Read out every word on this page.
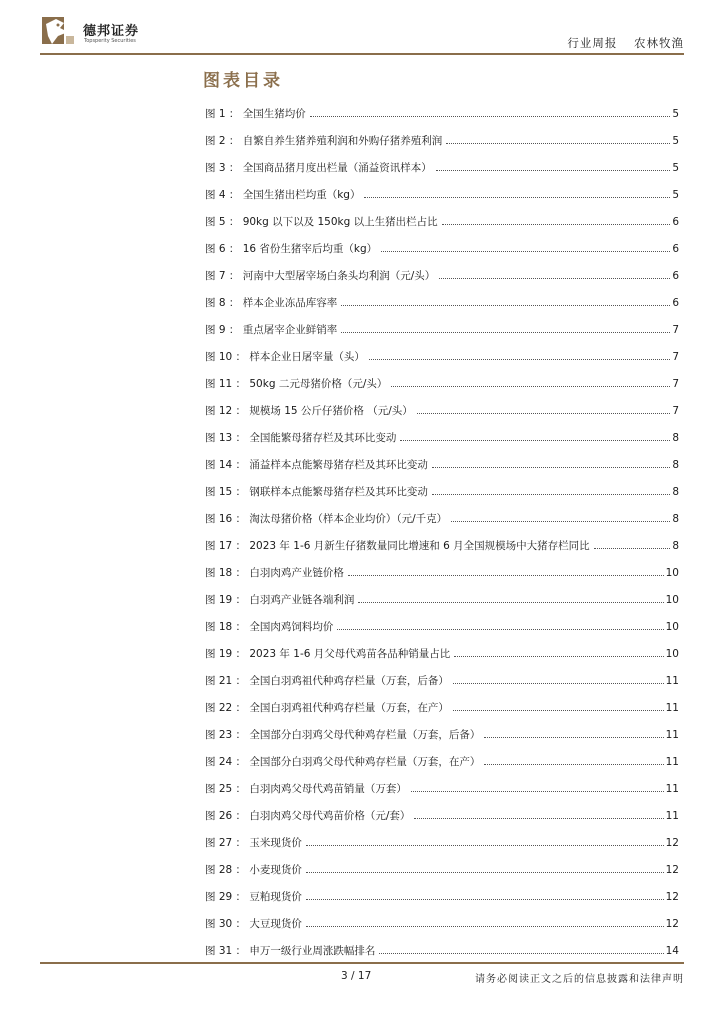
德邦证券
Topsperity Securities	行业周报 农林牧渔
图表目录
图 1 ： 全国生猪均价	5
图 2 ： 自繁自养生猪养殖利润和外购仔猪养殖利润	5
图 3 ： 全国商品猪月度出栏量（涌益资讯样本）	5
图 4 ： 全国生猪出栏均重（kg）	5
图 5 ： 90kg 以下以及 150kg 以上生猪出栏占比	6
图 6 ： 16 省份生猪宰后均重（kg）	6
图 7 ： 河南中大型屠宰场白条头均利润（元/头）	6
图 8 ： 样本企业冻品库容率	6
图 9 ： 重点屠宰企业鲜销率	7
图 10 ： 样本企业日屠宰量（头）	7
图 11 ： 50kg 二元母猪价格（元/头）	7
图 12 ： 规模场 15 公斤仔猪价格 （元/头）	7
图 13 ： 全国能繁母猪存栏及其环比变动	8
图 14 ： 涌益样本点能繁母猪存栏及其环比变动	8
图 15 ： 钢联样本点能繁母猪存栏及其环比变动	8
图 16 ： 淘汰母猪价格（样本企业均价）（元/千克）	8
图 17 ： 2023 年 1-6 月新生仔猪数量同比增速和 6 月全国规模场中大猪存栏同比	8
图 18 ： 白羽肉鸡产业链价格	10
图 19 ： 白羽鸡产业链各端利润	10
图 18 ： 全国肉鸡饲料均价	10
图 19 ： 2023 年 1-6 月父母代鸡苗各品种销量占比	10
图 21 ： 全国白羽鸡祖代种鸡存栏量（万套，后备）	11
图 22 ： 全国白羽鸡祖代种鸡存栏量（万套，在产）	11
图 23 ： 全国部分白羽鸡父母代种鸡存栏量（万套，后备）	11
图 24 ： 全国部分白羽鸡父母代种鸡存栏量（万套，在产）	11
图 25 ： 白羽肉鸡父母代鸡苗销量（万套）	11
图 26 ： 白羽肉鸡父母代鸡苗价格（元/套）	11
图 27 ： 玉米现货价	12
图 28 ： 小麦现货价	12
图 29 ： 豆粕现货价	12
图 30 ： 大豆现货价	12
图 31 ： 申万一级行业周涨跌幅排名	14
3 / 17	请务必阅读正文之后的信息披露和法律声明
